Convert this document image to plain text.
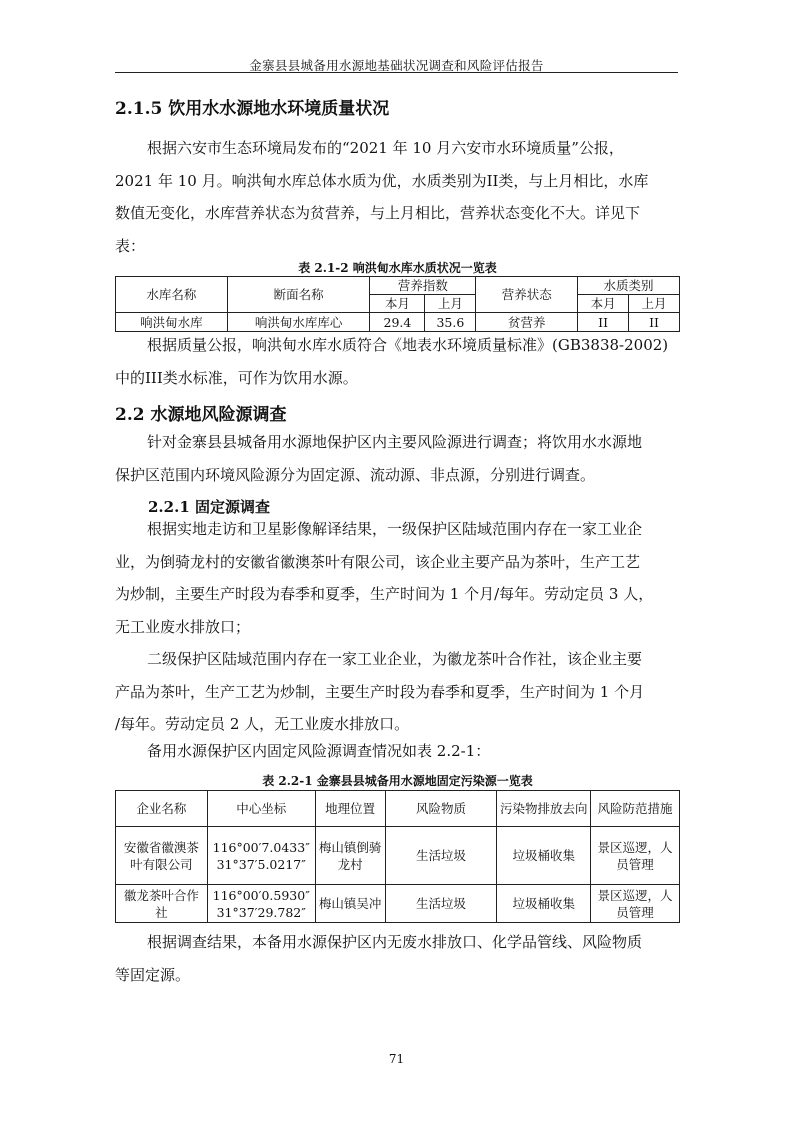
金寨县县城备用水源地基础状况调查和风险评估报告
2.1.5 饮用水水源地水环境质量状况
根据六安市生态环境局发布的“2021 年 10 月六安市水环境质量”公报，
2021 年 10 月。响洪甸水库总体水质为优，水质类别为II类，与上月相比，水库
数值无变化，水库营养状态为贫营养，与上月相比，营养状态变化不大。详见下
表：
表 2.1-2 响洪甸水库水质状况一览表
水库名称	断面名称	营养指数		营养状态	水质类别	
		本月	上月		本月	上月
响洪甸水库	响洪甸水库库心	29.4	35.6	贫营养	II	II
根据质量公报，响洪甸水库水质符合《地表水环境质量标准》(GB3838-2002)
中的III类水标准，可作为饮用水源。
2.2 水源地风险源调查
针对金寨县县城备用水源地保护区内主要风险源进行调查；将饮用水水源地
保护区范围内环境风险源分为固定源、流动源、非点源，分别进行调查。
2.2.1 固定源调查
根据实地走访和卫星影像解译结果，一级保护区陆域范围内存在一家工业企
业，为倒骑龙村的安徽省徽澳茶叶有限公司，该企业主要产品为茶叶，生产工艺
为炒制，主要生产时段为春季和夏季，生产时间为 1 个月/每年。劳动定员 3 人，
无工业废水排放口；
二级保护区陆域范围内存在一家工业企业，为徽龙茶叶合作社，该企业主要
产品为茶叶，生产工艺为炒制，主要生产时段为春季和夏季，生产时间为 1 个月
/每年。劳动定员 2 人，无工业废水排放口。
备用水源保护区内固定风险源调查情况如表 2.2-1：
表 2.2-1 金寨县县城备用水源地固定污染源一览表
企业名称	中心坐标	地理位置	风险物质	污染物排放去向	风险防范措施
安徽省徽澳茶叶有限公司	116°00′7.0433″
31°37′5.0217″	梅山镇倒骑龙村	生活垃圾	垃圾桶收集	景区巡逻，人员管理
徽龙茶叶合作社	116°00′0.5930″
31°37′29.782″	梅山镇吴冲	生活垃圾	垃圾桶收集	景区巡逻，人员管理
根据调查结果，本备用水源保护区内无废水排放口、化学品管线、风险物质
等固定源。
71
